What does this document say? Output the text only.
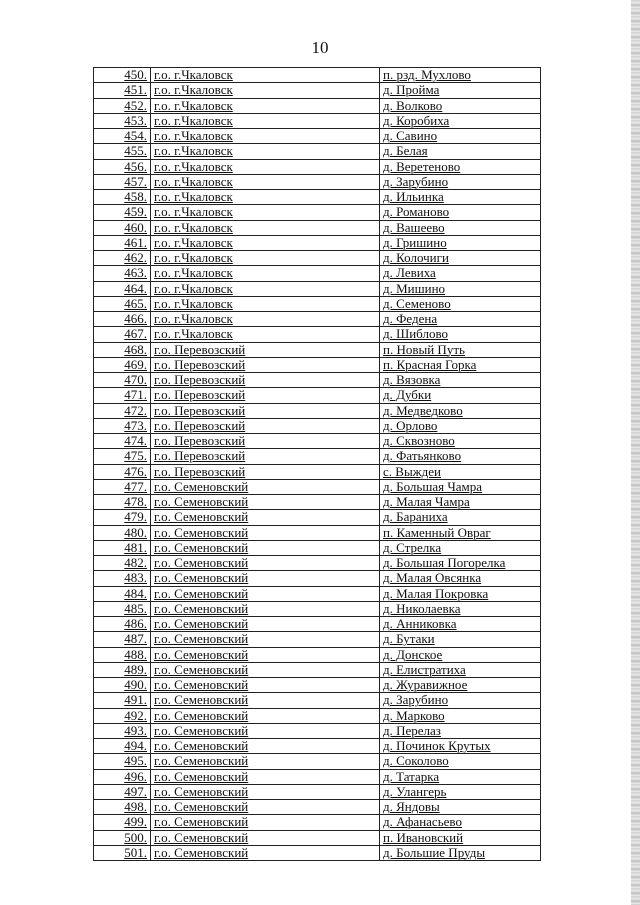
10
450.	г.о. г.Чкаловск	п. рзд. Мухлово
451.	г.о. г.Чкаловск	д. Пройма
452.	г.о. г.Чкаловск	д. Волково
453.	г.о. г.Чкаловск	д. Коробиха
454.	г.о. г.Чкаловск	д. Савино
455.	г.о. г.Чкаловск	д. Белая
456.	г.о. г.Чкаловск	д. Веретеново
457.	г.о. г.Чкаловск	д. Зарубино
458.	г.о. г.Чкаловск	д. Ильинка
459.	г.о. г.Чкаловск	д. Романово
460.	г.о. г.Чкаловск	д. Вашеево
461.	г.о. г.Чкаловск	д. Гришино
462.	г.о. г.Чкаловск	д. Колочиги
463.	г.о. г.Чкаловск	д. Левиха
464.	г.о. г.Чкаловск	д. Мишино
465.	г.о. г.Чкаловск	д. Семеново
466.	г.о. г.Чкаловск	д. Федена
467.	г.о. г.Чкаловск	д. Шиблово
468.	г.о. Перевозский	п. Новый Путь
469.	г.о. Перевозский	п. Красная Горка
470.	г.о. Перевозский	д. Вязовка
471.	г.о. Перевозский	д. Дубки
472.	г.о. Перевозский	д. Медведково
473.	г.о. Перевозский	д. Орлово
474.	г.о. Перевозский	д. Сквозново
475.	г.о. Перевозский	д. Фатьянково
476.	г.о. Перевозский	с. Выждеи
477.	г.о. Семеновский	д. Большая Чамра
478.	г.о. Семеновский	д. Малая Чамра
479.	г.о. Семеновский	д. Бараниха
480.	г.о. Семеновский	п. Каменный Овраг
481.	г.о. Семеновский	д. Стрелка
482.	г.о. Семеновский	д. Большая Погорелка
483.	г.о. Семеновский	д. Малая Овсянка
484.	г.о. Семеновский	д. Малая Покровка
485.	г.о. Семеновский	д. Николаевка
486.	г.о. Семеновский	д. Анниковка
487.	г.о. Семеновский	д. Бутаки
488.	г.о. Семеновский	д. Донское
489.	г.о. Семеновский	д. Елистратиха
490.	г.о. Семеновский	д. Журавижное
491.	г.о. Семеновский	д. Зарубино
492.	г.о. Семеновский	д. Марково
493.	г.о. Семеновский	д. Перелаз
494.	г.о. Семеновский	д. Починок Крутых
495.	г.о. Семеновский	д. Соколово
496.	г.о. Семеновский	д. Татарка
497.	г.о. Семеновский	д. Улангерь
498.	г.о. Семеновский	д. Яндовы
499.	г.о. Семеновский	д. Афанасьево
500.	г.о. Семеновский	п. Ивановский
501.	г.о. Семеновский	д. Большие Пруды
